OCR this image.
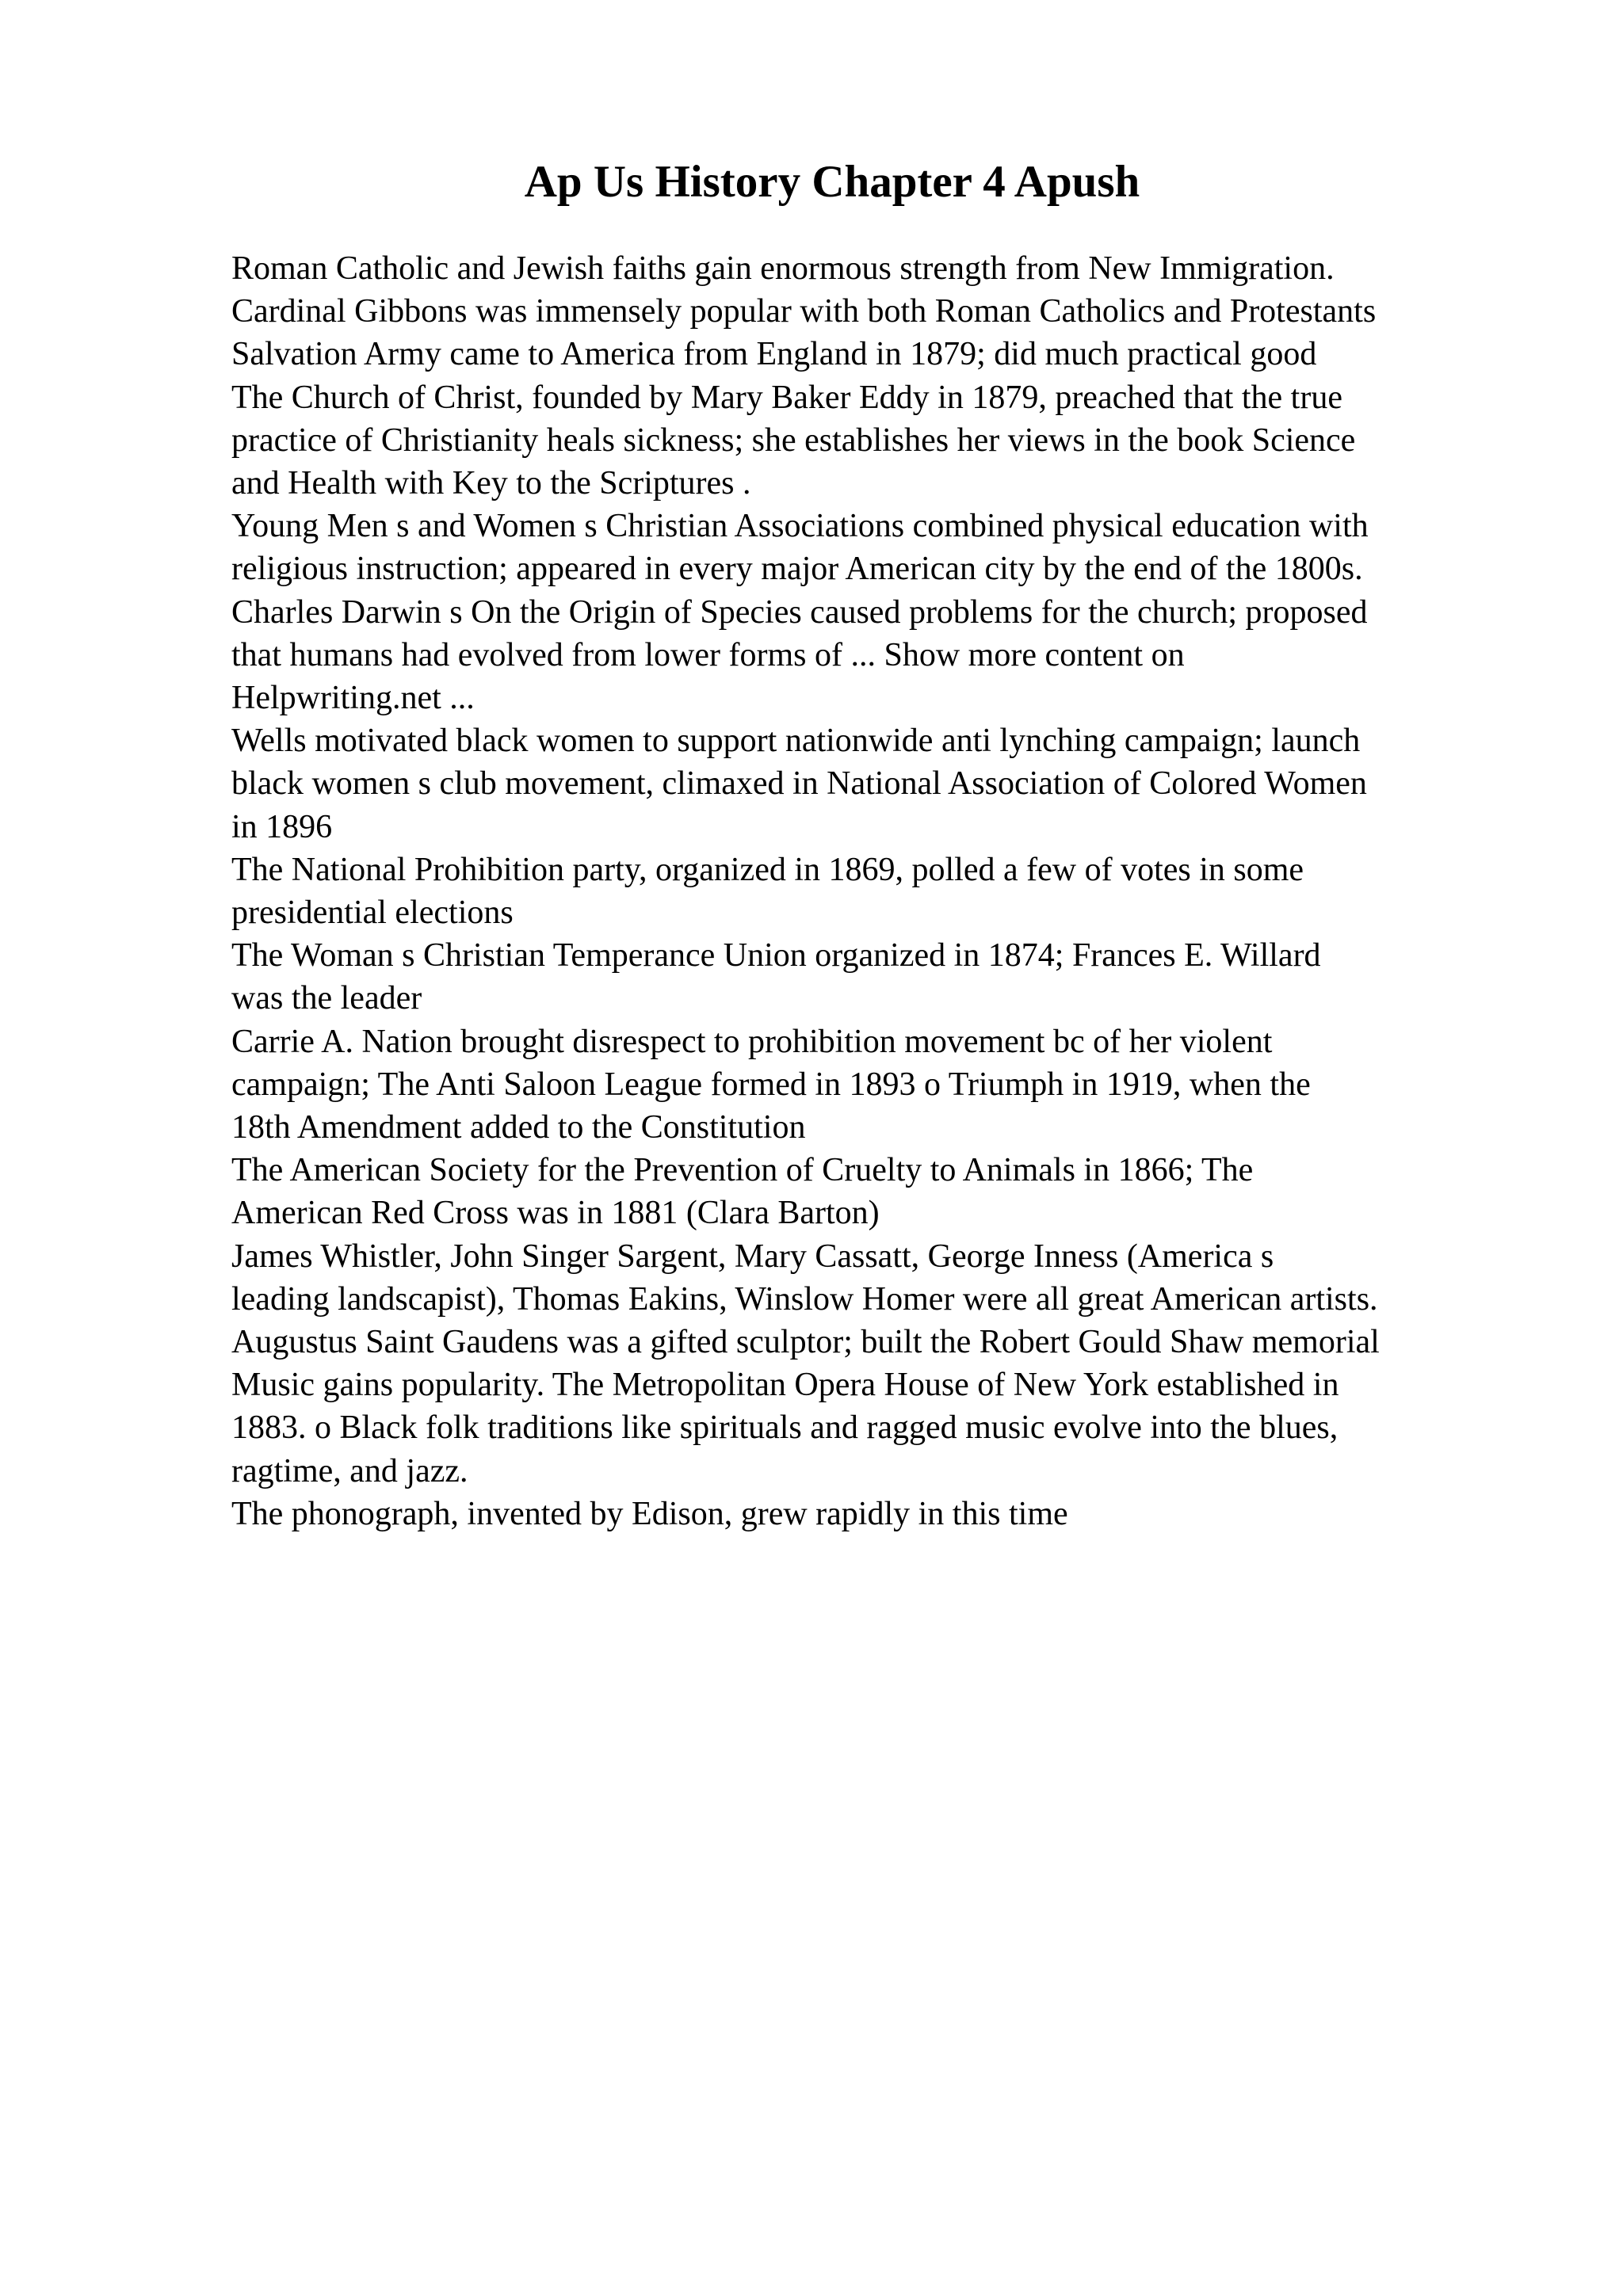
Ap Us History Chapter 4 Apush
Roman Catholic and Jewish faiths gain enormous strength from New Immigration.
Cardinal Gibbons was immensely popular with both Roman Catholics and Protestants
Salvation Army came to America from England in 1879; did much practical good
The Church of Christ, founded by Mary Baker Eddy in 1879, preached that the true
practice of Christianity heals sickness; she establishes her views in the book Science
and Health with Key to the Scriptures .
Young Men s and Women s Christian Associations combined physical education with
religious instruction; appeared in every major American city by the end of the 1800s.
Charles Darwin s On the Origin of Species caused problems for the church; proposed
that humans had evolved from lower forms of ... Show more content on
Helpwriting.net ...
Wells motivated black women to support nationwide anti lynching campaign; launch
black women s club movement, climaxed in National Association of Colored Women
in 1896
The National Prohibition party, organized in 1869, polled a few of votes in some
presidential elections
The Woman s Christian Temperance Union organized in 1874; Frances E. Willard
was the leader
Carrie A. Nation brought disrespect to prohibition movement bc of her violent
campaign; The Anti Saloon League formed in 1893 o Triumph in 1919, when the
18th Amendment added to the Constitution
The American Society for the Prevention of Cruelty to Animals in 1866; The
American Red Cross was in 1881 (Clara Barton)
James Whistler, John Singer Sargent, Mary Cassatt, George Inness (America s
leading landscapist), Thomas Eakins, Winslow Homer were all great American artists.
Augustus Saint Gaudens was a gifted sculptor; built the Robert Gould Shaw memorial
Music gains popularity. The Metropolitan Opera House of New York established in
1883. o Black folk traditions like spirituals and ragged music evolve into the blues,
ragtime, and jazz.
The phonograph, invented by Edison, grew rapidly in this time
